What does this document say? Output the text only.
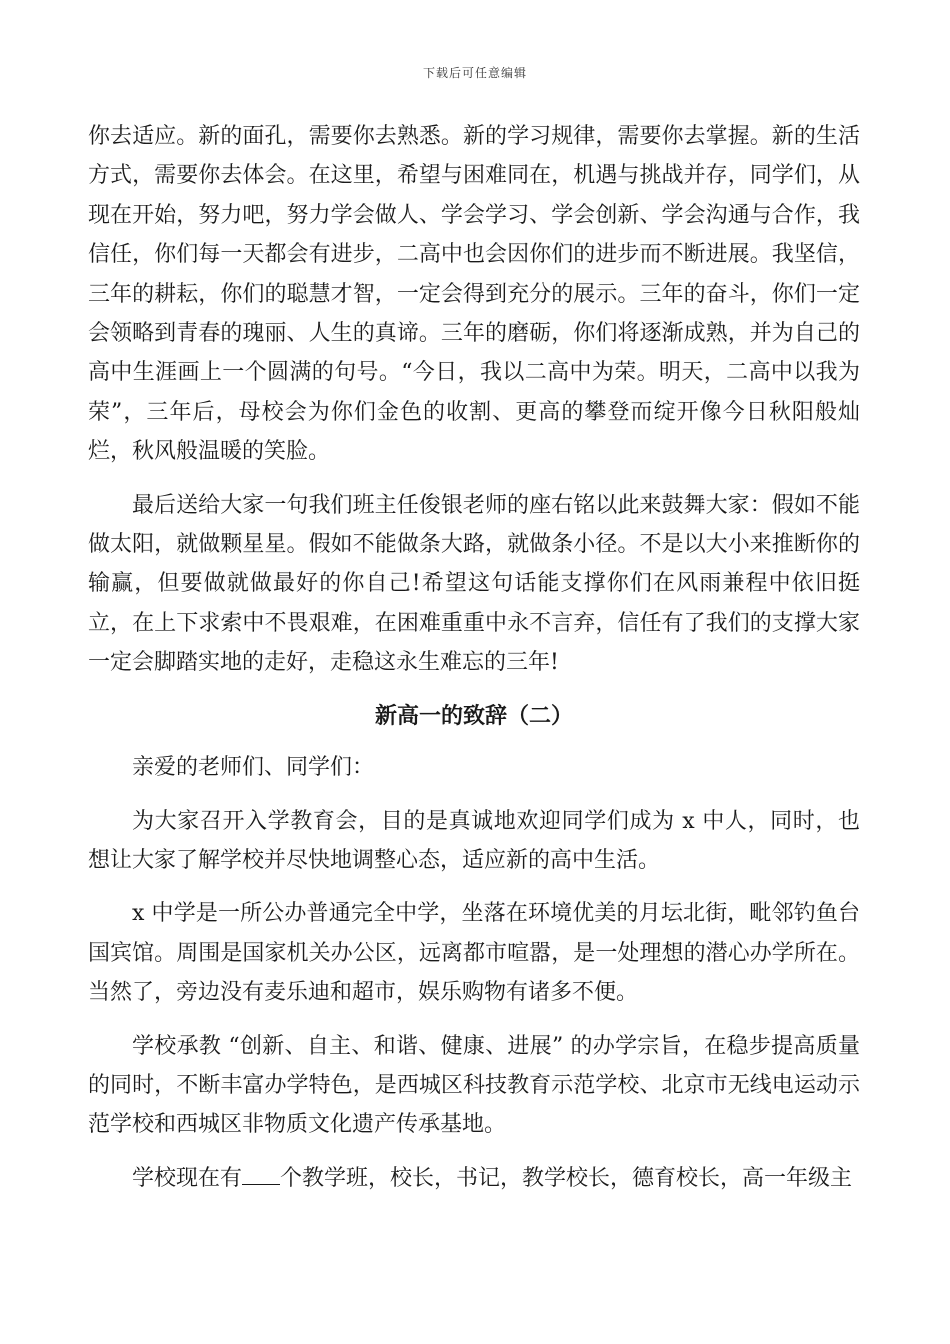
下载后可任意编辑

你去适应。新的面孔，需要你去熟悉。新的学习规律，需要你去掌握。新的生活方式，需要你去体会。在这里，希望与困难同在，机遇与挑战并存，同学们，从现在开始，努力吧，努力学会做人、学会学习、学会创新、学会沟通与合作，我信任，你们每一天都会有进步，二高中也会因你们的进步而不断进展。我坚信，三年的耕耘，你们的聪慧才智，一定会得到充分的展示。三年的奋斗，你们一定会领略到青春的瑰丽、人生的真谛。三年的磨砺，你们将逐渐成熟，并为自己的高中生涯画上一个圆满的句号。“今日，我以二高中为荣。明天，二高中以我为荣”，三年后，母校会为你们金色的收割、更高的攀登而绽开像今日秋阳般灿烂，秋风般温暖的笑脸。

最后送给大家一句我们班主任俊银老师的座右铭以此来鼓舞大家：假如不能做太阳，就做颗星星。假如不能做条大路，就做条小径。不是以大小来推断你的输赢，但要做就做最好的你自己!希望这句话能支撑你们在风雨兼程中依旧挺立，在上下求索中不畏艰难，在困难重重中永不言弃，信任有了我们的支撑大家一定会脚踏实地的走好，走稳这永生难忘的三年!

新高一的致辞（二）

亲爱的老师们、同学们：

为大家召开入学教育会，目的是真诚地欢迎同学们成为 x 中人，同时，也想让大家了解学校并尽快地调整心态，适应新的高中生活。

x 中学是一所公办普通完全中学，坐落在环境优美的月坛北街，毗邻钓鱼台国宾馆。周围是国家机关办公区，远离都市喧嚣，是一处理想的潜心办学所在。当然了，旁边没有麦乐迪和超市，娱乐购物有诸多不便。

学校承教 “创新、自主、和谐、健康、进展” 的办学宗旨，在稳步提高质量的同时，不断丰富办学特色，是西城区科技教育示范学校、北京市无线电运动示范学校和西城区非物质文化遗产传承基地。

学校现在有 个教学班，校长，书记，教学校长，德育校长，高一年级主
